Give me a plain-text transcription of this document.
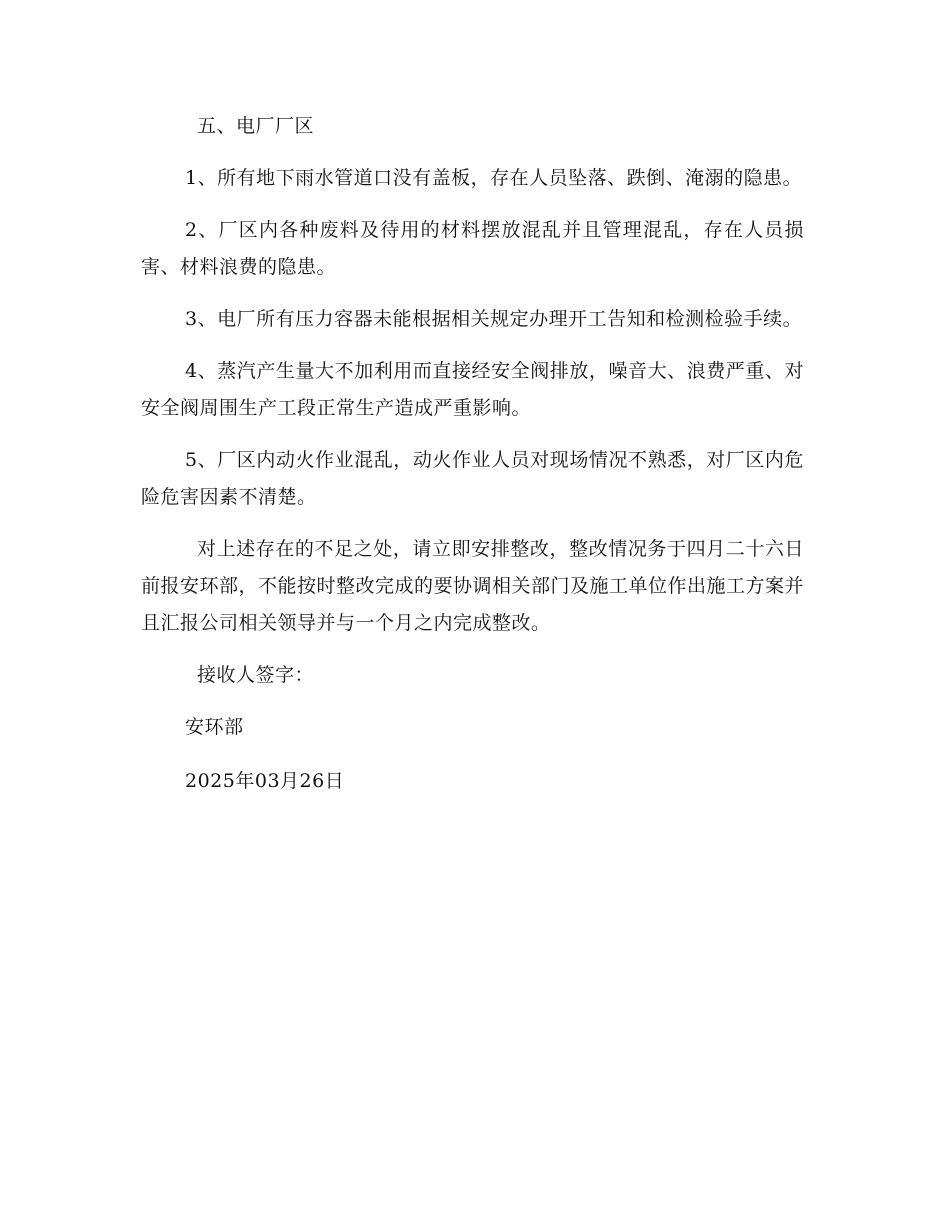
五、电厂厂区

1、所有地下雨水管道口没有盖板，存在人员坠落、跌倒、淹溺的隐患。

2、厂区内各种废料及待用的材料摆放混乱并且管理混乱，存在人员损害、材料浪费的隐患。

3、电厂所有压力容器未能根据相关规定办理开工告知和检测检验手续。

4、蒸汽产生量大不加利用而直接经安全阀排放，噪音大、浪费严重、对安全阀周围生产工段正常生产造成严重影响。

5、厂区内动火作业混乱，动火作业人员对现场情况不熟悉，对厂区内危险危害因素不清楚。

对上述存在的不足之处，请立即安排整改，整改情况务于四月二十六日前报安环部，不能按时整改完成的要协调相关部门及施工单位作出施工方案并且汇报公司相关领导并与一个月之内完成整改。

接收人签字：

安环部

2025年03月26日
